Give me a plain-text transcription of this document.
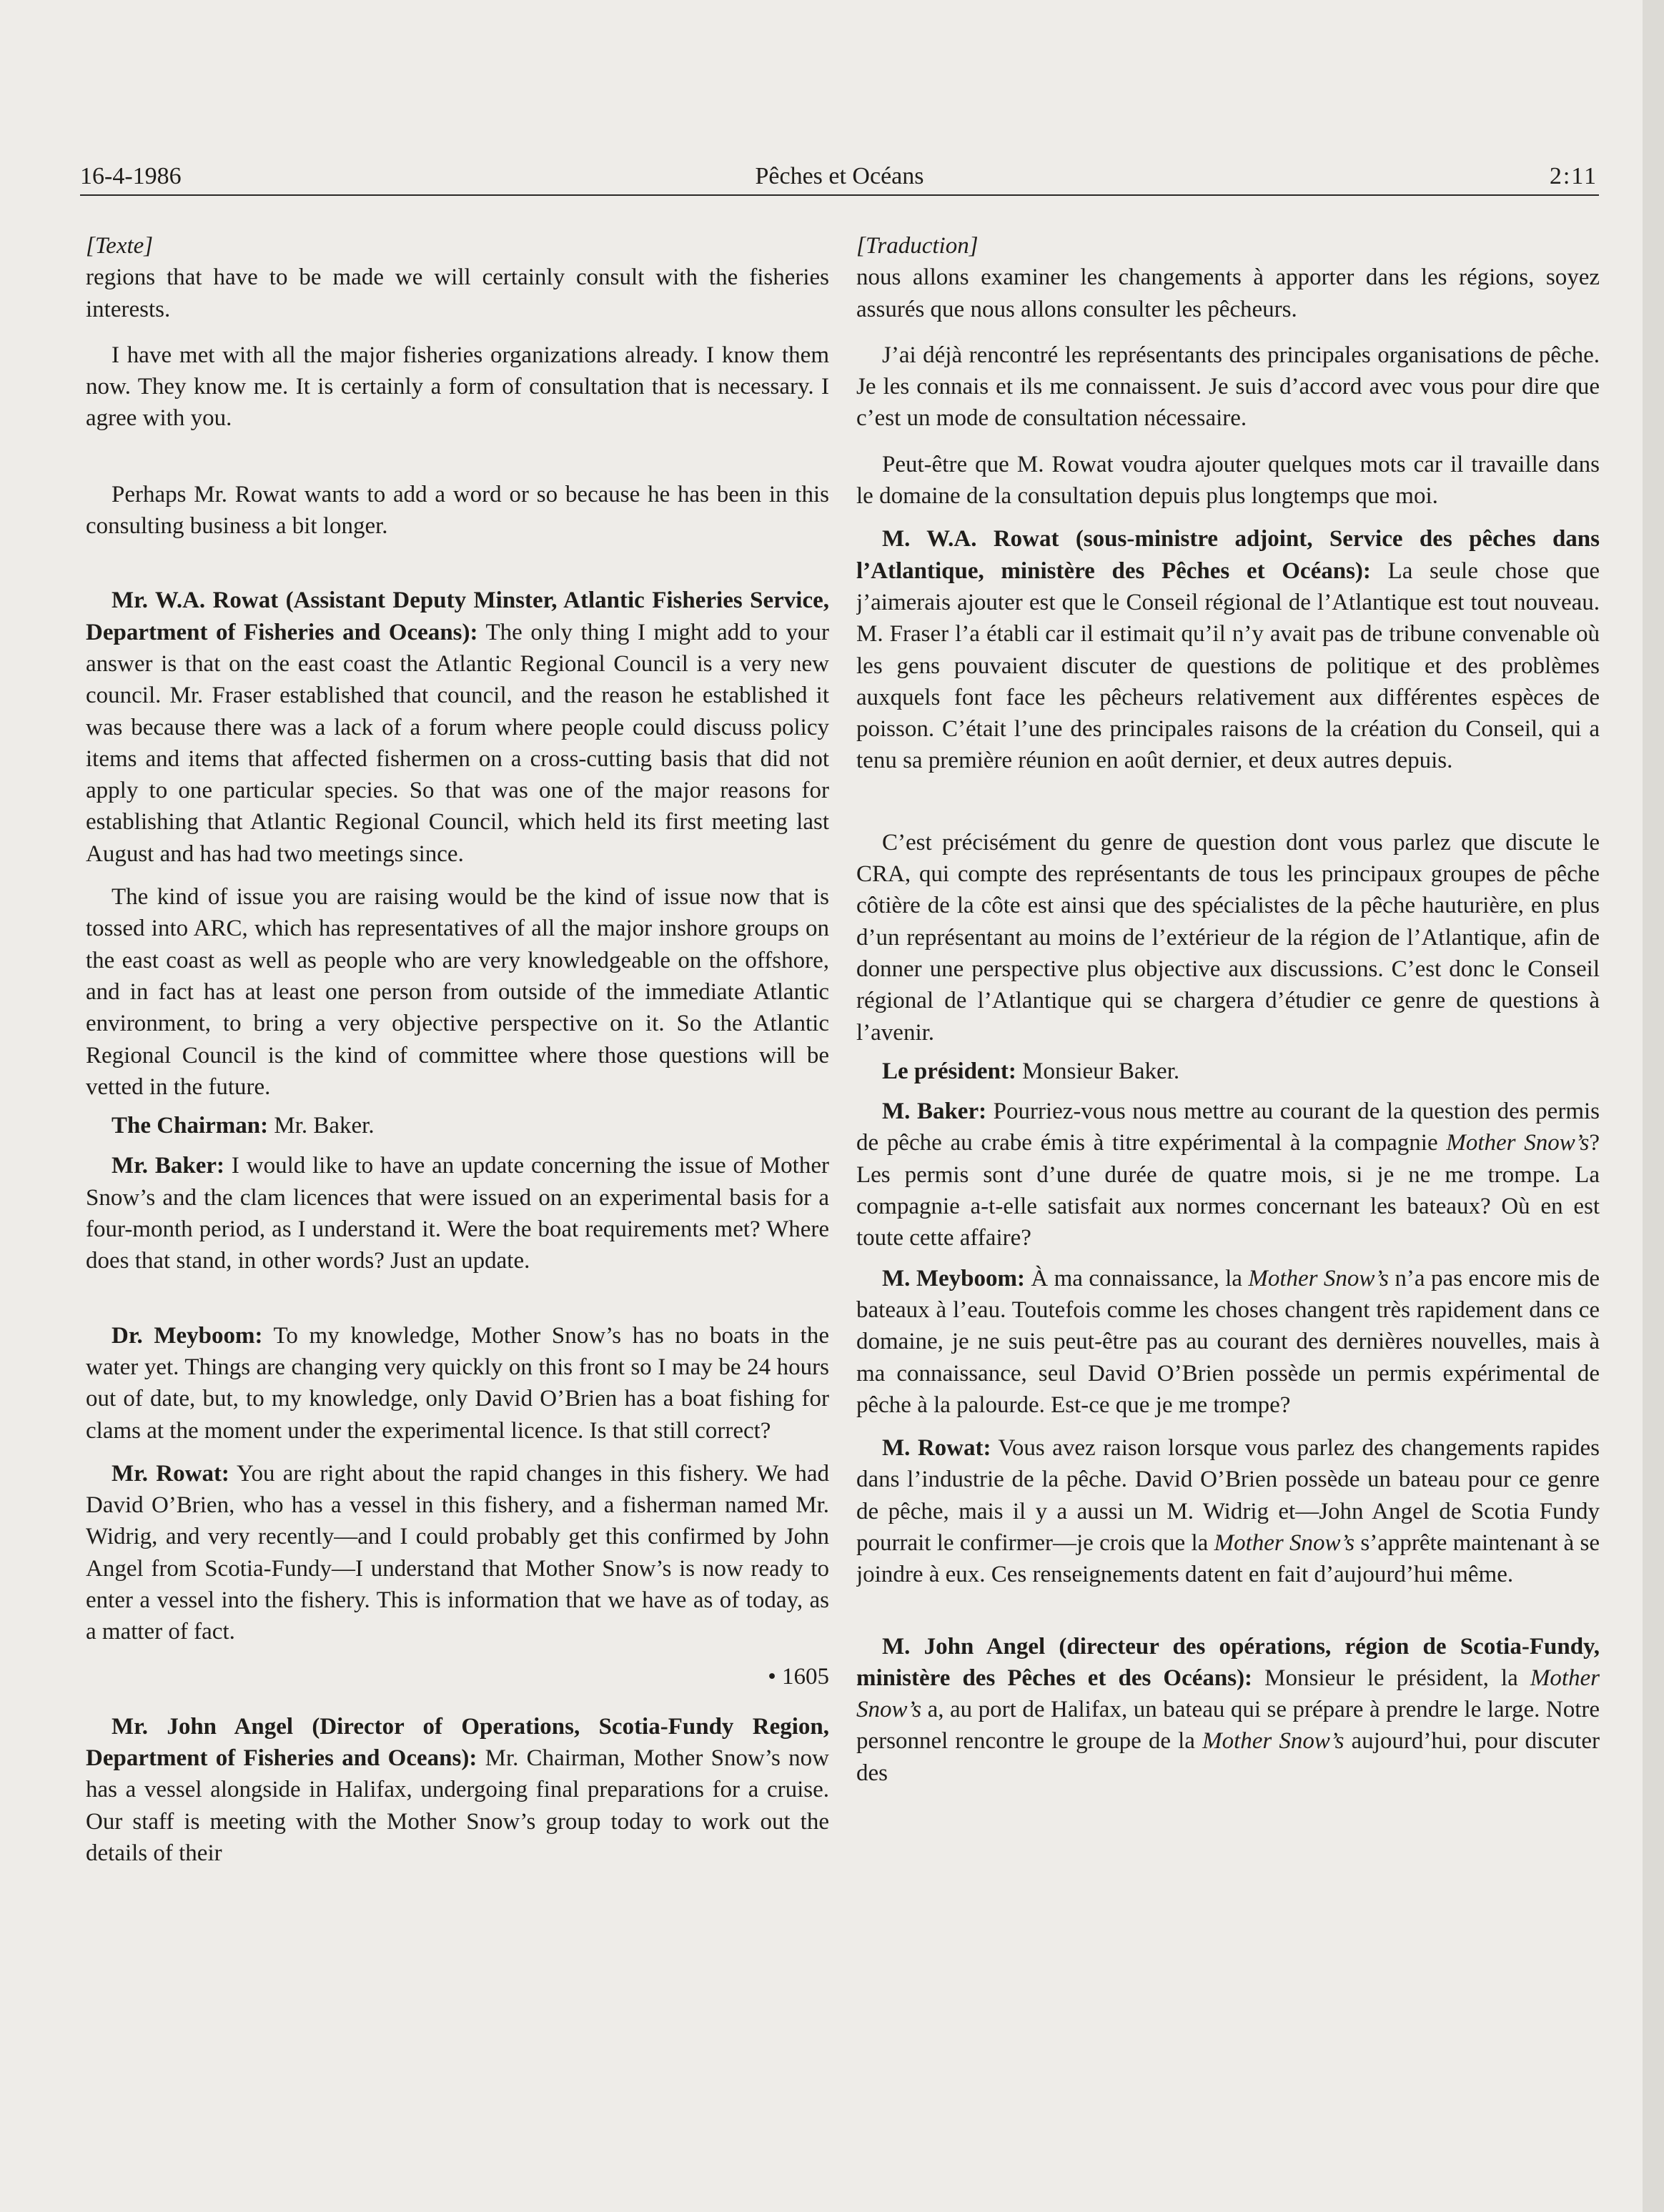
16-4-1986	Pêches et Océans	2:11

[Texte]

regions that have to be made we will certainly consult with the fisheries interests.

I have met with all the major fisheries organizations already. I know them now. They know me. It is certainly a form of consultation that is necessary. I agree with you.

Perhaps Mr. Rowat wants to add a word or so because he has been in this consulting business a bit longer.

Mr. W.A. Rowat (Assistant Deputy Minster, Atlantic Fisheries Service, Department of Fisheries and Oceans): The only thing I might add to your answer is that on the east coast the Atlantic Regional Council is a very new council. Mr. Fraser established that council, and the reason he established it was because there was a lack of a forum where people could discuss policy items and items that affected fishermen on a cross-cutting basis that did not apply to one particular species. So that was one of the major reasons for establishing that Atlantic Regional Council, which held its first meeting last August and has had two meetings since.

The kind of issue you are raising would be the kind of issue now that is tossed into ARC, which has representatives of all the major inshore groups on the east coast as well as people who are very knowledgeable on the offshore, and in fact has at least one person from outside of the immediate Atlantic environment, to bring a very objective perspective on it. So the Atlantic Regional Council is the kind of committee where those questions will be vetted in the future.

The Chairman: Mr. Baker.

Mr. Baker: I would like to have an update concerning the issue of Mother Snow’s and the clam licences that were issued on an experimental basis for a four-month period, as I understand it. Were the boat requirements met? Where does that stand, in other words? Just an update.

Dr. Meyboom: To my knowledge, Mother Snow’s has no boats in the water yet. Things are changing very quickly on this front so I may be 24 hours out of date, but, to my knowledge, only David O’Brien has a boat fishing for clams at the moment under the experimental licence. Is that still correct?

Mr. Rowat: You are right about the rapid changes in this fishery. We had David O’Brien, who has a vessel in this fishery, and a fisherman named Mr. Widrig, and very recently—and I could probably get this confirmed by John Angel from Scotia-Fundy—I understand that Mother Snow’s is now ready to enter a vessel into the fishery. This is information that we have as of today, as a matter of fact.

• 1605

Mr. John Angel (Director of Operations, Scotia-Fundy Region, Department of Fisheries and Oceans): Mr. Chairman, Mother Snow’s now has a vessel alongside in Halifax, undergoing final preparations for a cruise. Our staff is meeting with the Mother Snow’s group today to work out the details of their

[Traduction]

nous allons examiner les changements à apporter dans les régions, soyez assurés que nous allons consulter les pêcheurs.

J’ai déjà rencontré les représentants des principales organisations de pêche. Je les connais et ils me connaissent. Je suis d’accord avec vous pour dire que c’est un mode de consultation nécessaire.

Peut-être que M. Rowat voudra ajouter quelques mots car il travaille dans le domaine de la consultation depuis plus longtemps que moi.

M. W.A. Rowat (sous-ministre adjoint, Service des pêches dans l’Atlantique, ministère des Pêches et Océans): La seule chose que j’aimerais ajouter est que le Conseil régional de l’Atlantique est tout nouveau. M. Fraser l’a établi car il estimait qu’il n’y avait pas de tribune convenable où les gens pouvaient discuter de questions de politique et des problèmes auxquels font face les pêcheurs relativement aux différentes espèces de poisson. C’était l’une des principales raisons de la création du Conseil, qui a tenu sa première réunion en août dernier, et deux autres depuis.

C’est précisément du genre de question dont vous parlez que discute le CRA, qui compte des représentants de tous les principaux groupes de pêche côtière de la côte est ainsi que des spécialistes de la pêche hauturière, en plus d’un représentant au moins de l’extérieur de la région de l’Atlantique, afin de donner une perspective plus objective aux discussions. C’est donc le Conseil régional de l’Atlantique qui se chargera d’étudier ce genre de questions à l’avenir.

Le président: Monsieur Baker.

M. Baker: Pourriez-vous nous mettre au courant de la question des permis de pêche au crabe émis à titre expérimental à la compagnie Mother Snow’s? Les permis sont d’une durée de quatre mois, si je ne me trompe. La compagnie a-t-elle satisfait aux normes concernant les bateaux? Où en est toute cette affaire?

M. Meyboom: À ma connaissance, la Mother Snow’s n’a pas encore mis de bateaux à l’eau. Toutefois comme les choses changent très rapidement dans ce domaine, je ne suis peut-être pas au courant des dernières nouvelles, mais à ma connaissance, seul David O’Brien possède un permis expérimental de pêche à la palourde. Est-ce que je me trompe?

M. Rowat: Vous avez raison lorsque vous parlez des changements rapides dans l’industrie de la pêche. David O’Brien possède un bateau pour ce genre de pêche, mais il y a aussi un M. Widrig et—John Angel de Scotia Fundy pourrait le confirmer—je crois que la Mother Snow’s s’apprête maintenant à se joindre à eux. Ces renseignements datent en fait d’aujourd’hui même.

M. John Angel (directeur des opérations, région de Scotia-Fundy, ministère des Pêches et des Océans): Monsieur le président, la Mother Snow’s a, au port de Halifax, un bateau qui se prépare à prendre le large. Notre personnel rencontre le groupe de la Mother Snow’s aujourd’hui, pour discuter des
